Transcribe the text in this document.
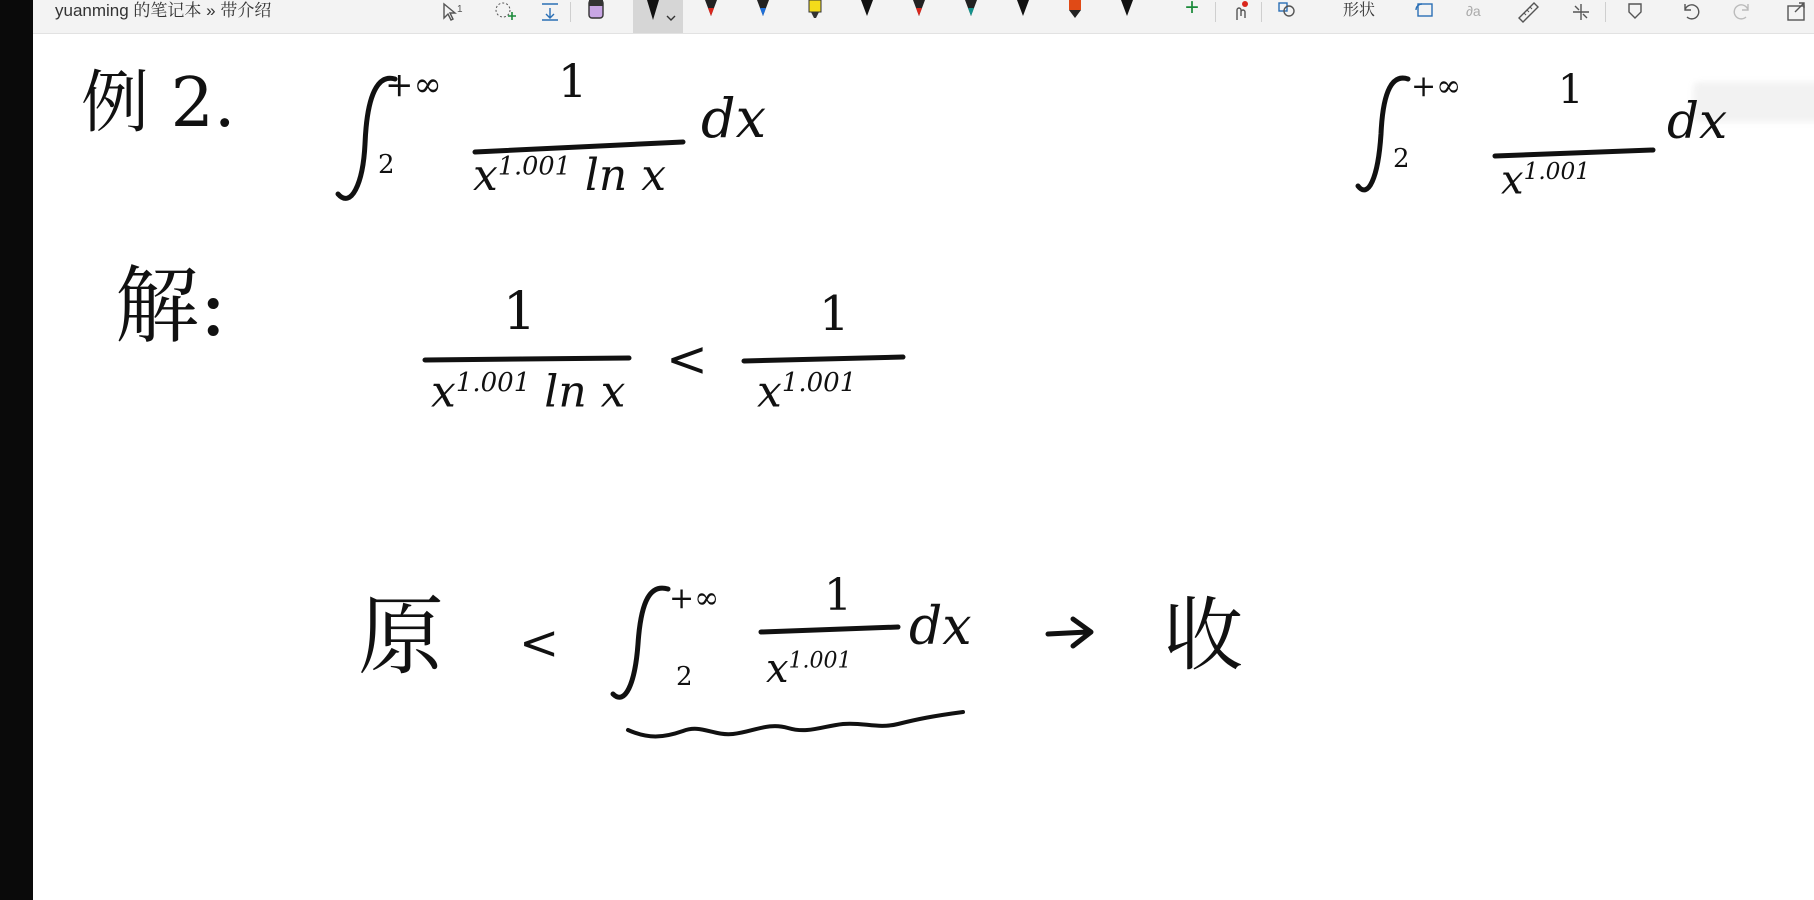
yuanming 的笔记本 » 带介绍	1	+	形状	∂a
例 2.	+∞
2
1
$x^{1.001}$ ln x
dx
+∞
2
1
$x^{1.001}$
dx
解:	1
$x^{1.001}$ ln x
<
1
$x^{1.001}$
原 <
+∞
2
1
$x^{1.001}$
dx 收
